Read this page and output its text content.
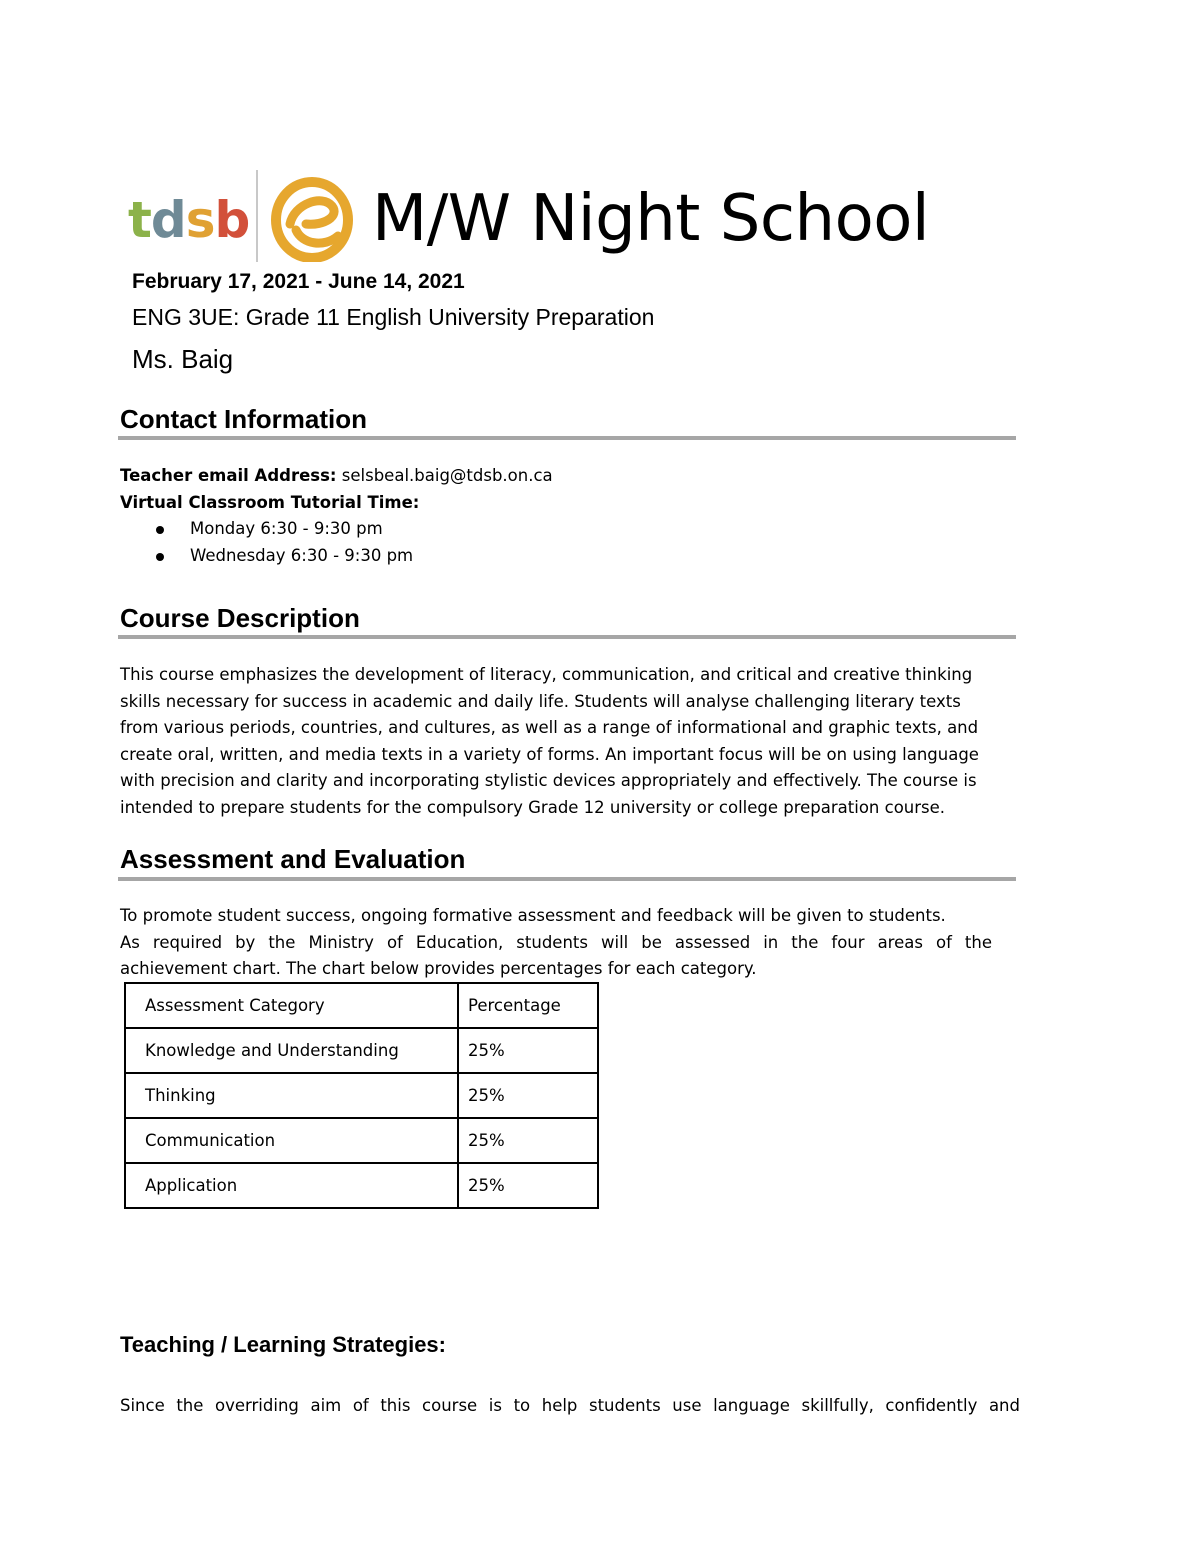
tdsb M/W Night School
February 17, 2021 - June 14, 2021
ENG 3UE: Grade 11 English University Preparation
Ms. Baig
Contact Information
Teacher email Address: selsbeal.baig@tdsb.on.ca
Virtual Classroom Tutorial Time:
Monday 6:30 - 9:30 pm
Wednesday 6:30 - 9:30 pm
Course Description
This course emphasizes the development of literacy, communication, and critical and creative thinking
skills necessary for success in academic and daily life. Students will analyse challenging literary texts
from various periods, countries, and cultures, as well as a range of informational and graphic texts, and
create oral, written, and media texts in a variety of forms. An important focus will be on using language
with precision and clarity and incorporating stylistic devices appropriately and effectively. The course is
intended to prepare students for the compulsory Grade 12 university or college preparation course.
Assessment and Evaluation
To promote student success, ongoing formative assessment and feedback will be given to students.
As required by the Ministry of Education, students will be assessed in the four areas of the
achievement chart. The chart below provides percentages for each category.
Assessment Category	Percentage
Knowledge and Understanding	25%
Thinking	25%
Communication	25%
Application	25%
Teaching / Learning Strategies:
Since the overriding aim of this course is to help students use language skillfully, confidently and
